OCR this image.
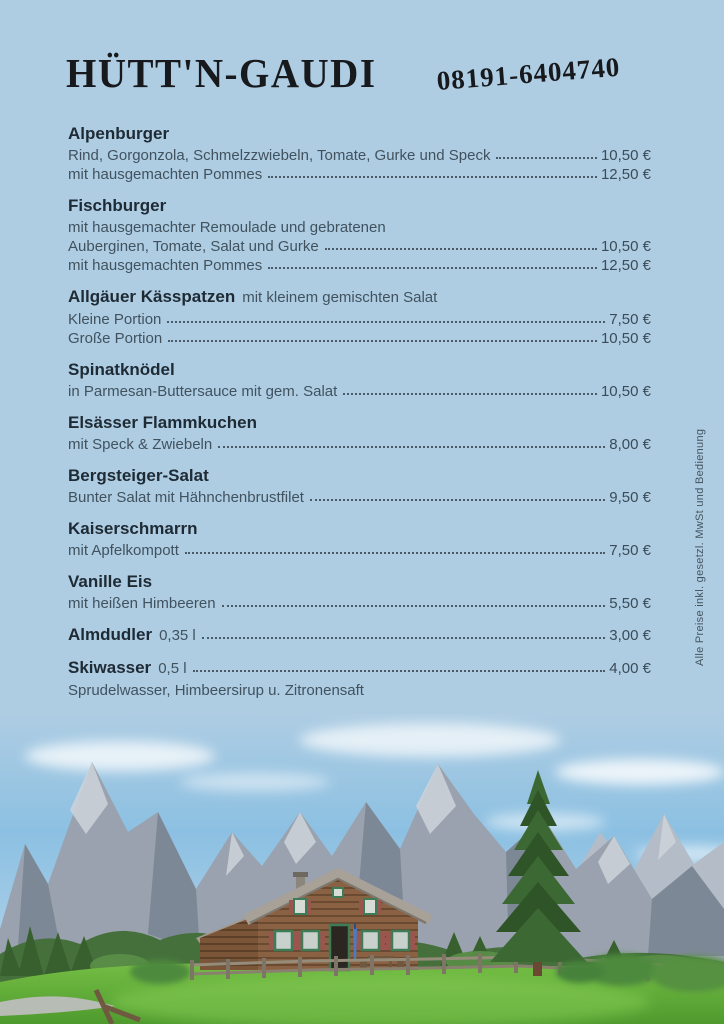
HÜTT'N-GAUDI 08191-6404740
Alpenburger
Rind, Gorgonzola, Schmelzzwiebeln, Tomate, Gurke und Speck	10,50 €
mit hausgemachten Pommes	12,50 €
Fischburger
mit hausgemachter Remoulade und gebratenen
Auberginen, Tomate, Salat und Gurke	10,50 €
mit hausgemachten Pommes	12,50 €
Allgäuer Kässpatzen mit kleinem gemischten Salat
Kleine Portion	7,50 €
Große Portion	10,50 €
Spinatknödel
in Parmesan-Buttersauce mit gem. Salat	10,50 €
Elsässer Flammkuchen
mit Speck & Zwiebeln	8,00 €
Bergsteiger-Salat
Bunter Salat mit Hähnchenbrustfilet	9,50 €
Kaiserschmarrn
mit Apfelkompott	7,50 €
Vanille Eis
mit heißen Himbeeren	5,50 €
Almdudler 0,35 l	3,00 €
Skiwasser 0,5 l	4,00 €
Sprudelwasser, Himbeersirup u. Zitronensaft
Alle Preise inkl. gesetzl. MwSt und Bedienung
